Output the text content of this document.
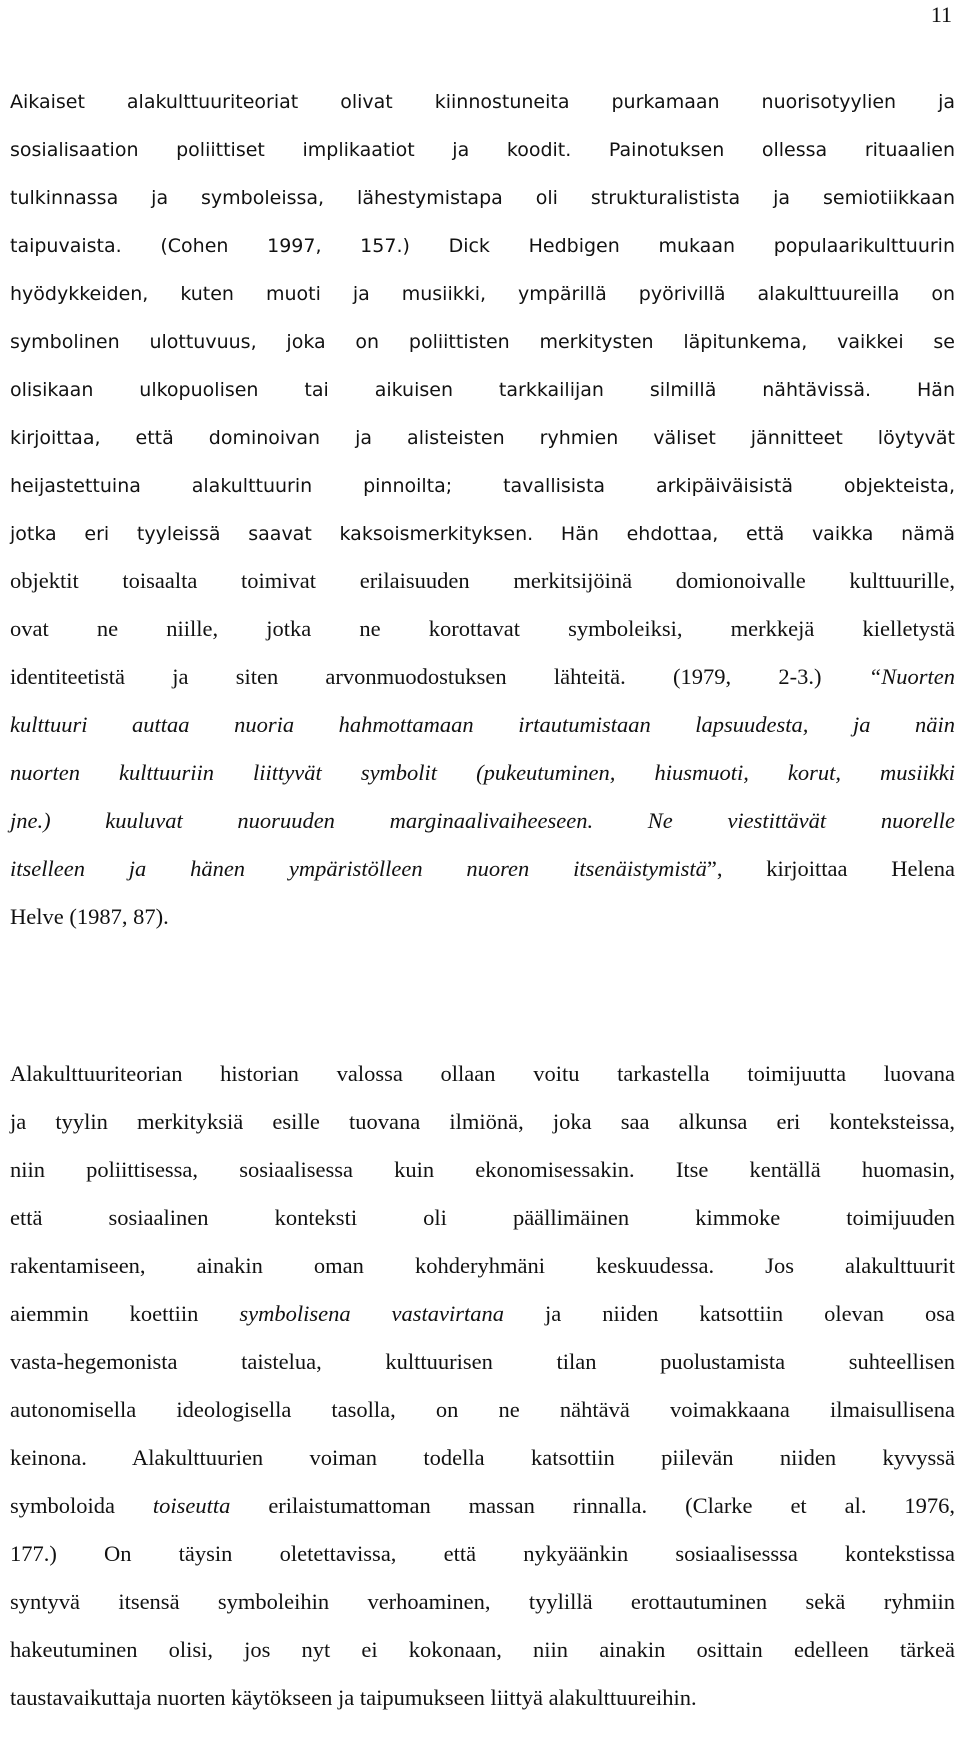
11
Aikaiset alakulttuuriteoriat olivat kiinnostuneita purkamaan nuorisotyylien ja
sosialisaation poliittiset implikaatiot ja koodit. Painotuksen ollessa rituaalien
tulkinnassa ja symboleissa, lähestymistapa oli strukturalistista ja semiotiikkaan
taipuvaista. (Cohen 1997, 157.) Dick Hedbigen mukaan populaarikulttuurin
hyödykkeiden, kuten muoti ja musiikki, ympärillä pyörivillä alakulttuureilla on
symbolinen ulottuvuus, joka on poliittisten merkitysten läpitunkema, vaikkei se
olisikaan ulkopuolisen tai aikuisen tarkkailijan silmillä nähtävissä. Hän
kirjoittaa, että dominoivan ja alisteisten ryhmien väliset jännitteet löytyvät
heijastettuina alakulttuurin pinnoilta; tavallisista arkipäiväisistä objekteista,
jotka eri tyyleissä saavat kaksoismerkityksen. Hän ehdottaa, että vaikka nämä
objektit toisaalta toimivat erilaisuuden merkitsijöinä domionoivalle kulttuurille,
ovat ne niille, jotka ne korottavat symboleiksi, merkkejä kielletystä
identiteetistä ja siten arvonmuodostuksen lähteitä. (1979, 2-3.) “Nuorten
kulttuuri auttaa nuoria hahmottamaan irtautumistaan lapsuudesta, ja näin
nuorten kulttuuriin liittyvät symbolit (pukeutuminen, hiusmuoti, korut, musiikki
jne.) kuuluvat nuoruuden marginaalivaiheeseen. Ne viestittävät nuorelle
itselleen ja hänen ympäristölleen nuoren itsenäistymistä”, kirjoittaa Helena
Helve (1987, 87).
Alakulttuuriteorian historian valossa ollaan voitu tarkastella toimijuutta luovana
ja tyylin merkityksiä esille tuovana ilmiönä, joka saa alkunsa eri konteksteissa,
niin poliittisessa, sosiaalisessa kuin ekonomisessakin. Itse kentällä huomasin,
että sosiaalinen konteksti oli päällimäinen kimmoke toimijuuden
rakentamiseen, ainakin oman kohderyhmäni keskuudessa. Jos alakulttuurit
aiemmin koettiin symbolisena vastavirtana ja niiden katsottiin olevan osa
vasta-hegemonista taistelua, kulttuurisen tilan puolustamista suhteellisen
autonomisella ideologisella tasolla, on ne nähtävä voimakkaana ilmaisullisena
keinona. Alakulttuurien voiman todella katsottiin piilevän niiden kyvyssä
symboloida toiseutta erilaistumattoman massan rinnalla. (Clarke et al. 1976,
177.) On täysin oletettavissa, että nykyäänkin sosiaalisesssa kontekstissa
syntyvä itsensä symboleihin verhoaminen, tyylillä erottautuminen sekä ryhmiin
hakeutuminen olisi, jos nyt ei kokonaan, niin ainakin osittain edelleen tärkeä
taustavaikuttaja nuorten käytökseen ja taipumukseen liittyä alakulttuureihin.
